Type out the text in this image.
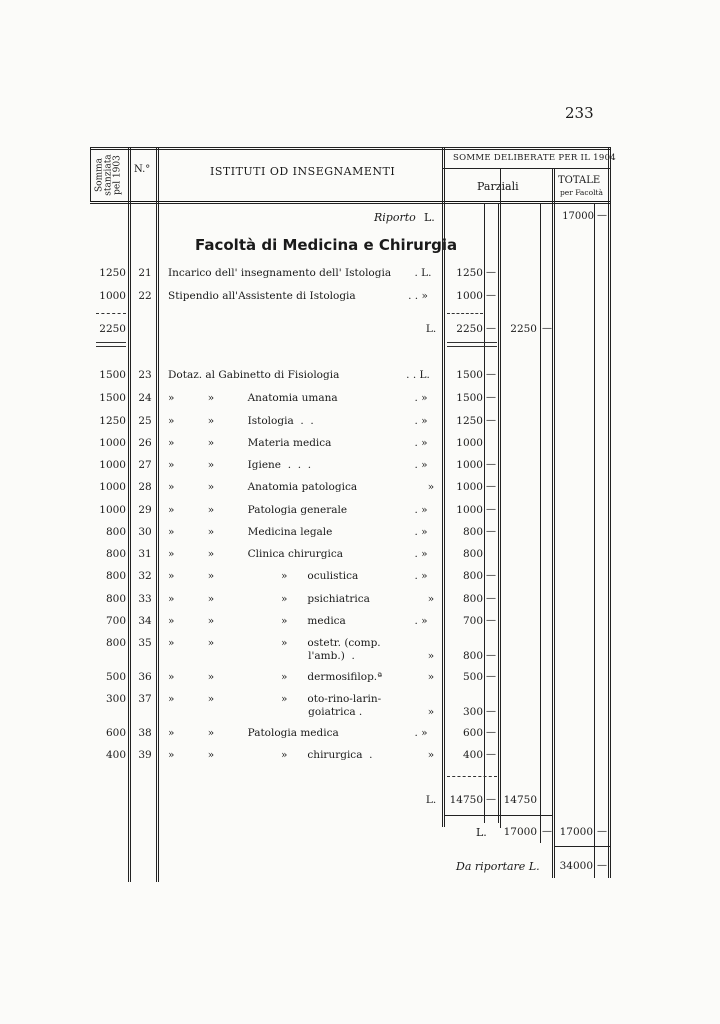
233
Somma stanziata pel 1903 N.°	ISTITUTI OD INSEGNAMENTI
SOMME DELIBERATE PER IL 1904
Parziali	TOTALE
per Facoltà
Riporto L.	17000 —
Facoltà di Medicina e Chirurgia
1250 21 Incarico dell' insegnamento dell' Istologia	. L.	1250 —
1000 22 Stipendio all'Assistente di Istologia	. . »	1000 —
2250	L.	2250 —	2250 —
1500 23 Dotaz. al Gabinetto di Fisiologia	. . L.	1500 —
1500 24 »          »          Anatomia umana	. »	1500 —
1250 25 »          »          Istologia  .  .	. »	1250 —
1000 26 »          »          Materia medica	. »	1000
1000 27 »          »          Igiene  .  .  .	. »	1000 —
1000 28 »          »          Anatomia patologica	»	1000 —
1000 29 »          »          Patologia generale	. »	1000 —
800 30 »          »          Medicina legale	. »	800 —
800 31 »          »          Clinica chirurgica	. »	800
800 32 »          »                    »      oculistica	. »	800 —
800 33 »          »                    »      psichiatrica	»	800 —
700 34 »          »                    »      medica	. »	700 —
800 35 »          »                    »      ostetr. (comp.
l'amb.)  .	»	800 —
500 36 »          »                    »      dermosifilop.ª	»	500 —
300 37 »          »                    »      oto-rino-larin-
goiatrica .	»	300 —
600 38 »          »          Patologia medica	. »	600 —
400 39 »          »                    »      chirurgica  .	»	400 —
L. 14750 — 14750
L. 17000 — 17000 —
Da riportare L. 34000 —
